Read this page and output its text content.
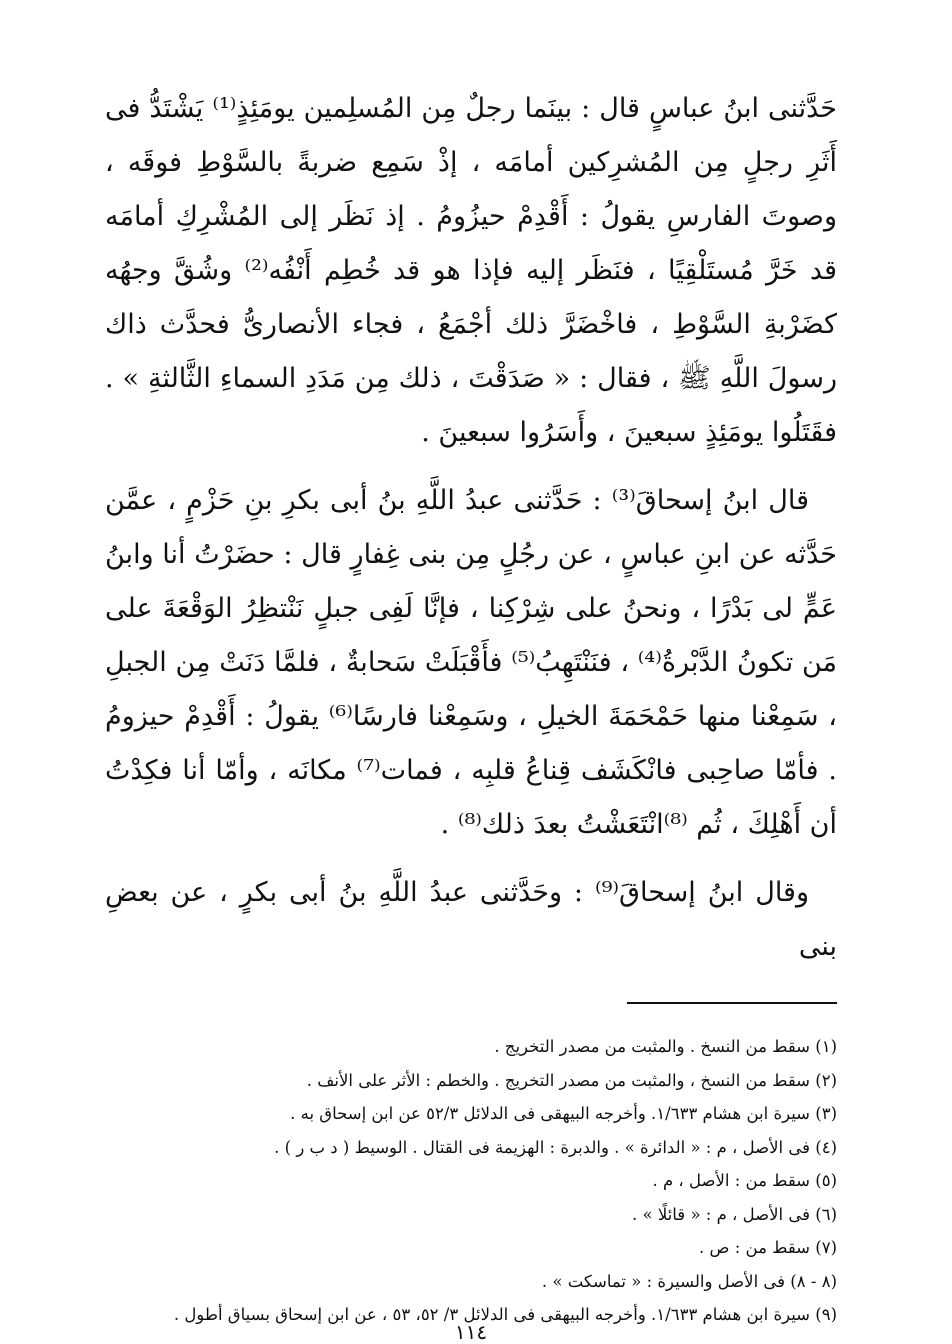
حَدَّثنى ابنُ عباسٍ قال : بينَما رجلٌ مِن المُسلِمين يومَئِذٍ⁽¹⁾ يَشْتَدُّ فى أَثَرِ رجلٍ مِن المُشرِكين أمامَه ، إذْ سَمِع ضربةً بالسَّوْطِ فوقَه ، وصوتَ الفارسِ يقولُ : أَقْدِمْ حيزُومُ . إذ نَظَر إلى المُشْرِكِ أمامَه قد خَرَّ مُستَلْقِيًا ، فنَظَر إليه فإذا هو قد خُطِم أَنْفُه⁽²⁾ وشُقَّ وجهُه كضَرْبةِ السَّوْطِ ، فاخْضَرَّ ذلك أجْمَعُ ، فجاء الأنصارىُّ فحدَّث ذاك رسولَ اللَّهِ ﷺ ، فقال : « صَدَقْتَ ، ذلك مِن مَدَدِ السماءِ الثَّالثةِ » . فقَتَلُوا يومَئِذٍ سبعينَ ، وأَسَرُوا سبعينَ .

قال ابنُ إسحاقَ⁽³⁾ : حَدَّثنى عبدُ اللَّهِ بنُ أبى بكرِ بنِ حَزْمٍ ، عمَّن حَدَّثه عن ابنِ عباسٍ ، عن رجُلٍ مِن بنى غِفارٍ قال : حضَرْتُ أنا وابنُ عَمٍّ لى بَدْرًا ، ونحنُ على شِرْكِنا ، فإنَّا لَفِى جبلٍ نَنْتظِرُ الوَقْعَةَ على مَن تكونُ الدَّبْرةُ⁽⁴⁾ ، فنَنْتَهِبُ⁽⁵⁾ فأَقْبَلَتْ سَحابةٌ ، فلمَّا دَنَتْ مِن الجبلِ ، سَمِعْنا منها حَمْحَمَةَ الخيلِ ، وسَمِعْنا فارسًا⁽⁶⁾ يقولُ : أَقْدِمْ حيزومُ . فأمّا صاحِبى فانْكَشَف قِناعُ قلبِه ، فمات⁽⁷⁾ مكانَه ، وأمّا أنا فكِدْتُ أن أَهْلِكَ ، ثُم ⁽⁸⁾انْتَعَشْتُ بعدَ ذلك⁽⁸⁾ .

وقال ابنُ إسحاقَ⁽⁹⁾ : وحَدَّثنى عبدُ اللَّهِ بنُ أبى بكرٍ ، عن بعضِ بنى

(١) سقط من النسخ . والمثبت من مصدر التخريج .
(٢) سقط من النسخ ، والمثبت من مصدر التخريج . والخطم : الأثر على الأنف .
(٣) سيرة ابن هشام ١/٦٣٣. وأخرجه البيهقى فى الدلائل ٥٢/٣ عن ابن إسحاق به .
(٤) فى الأصل ، م : « الدائرة » . والدبرة : الهزيمة فى القتال . الوسيط ( د ب ر ) .
(٥) سقط من : الأصل ، م .
(٦) فى الأصل ، م : « قائلًا » .
(٧) سقط من : ص .
(٨ - ٨) فى الأصل والسيرة : « تماسكت » .
(٩) سيرة ابن هشام ١/٦٣٣. وأخرجه البيهقى فى الدلائل ٣/ ٥٢، ٥٣ ، عن ابن إسحاق بسياق أطول .
١١٤
